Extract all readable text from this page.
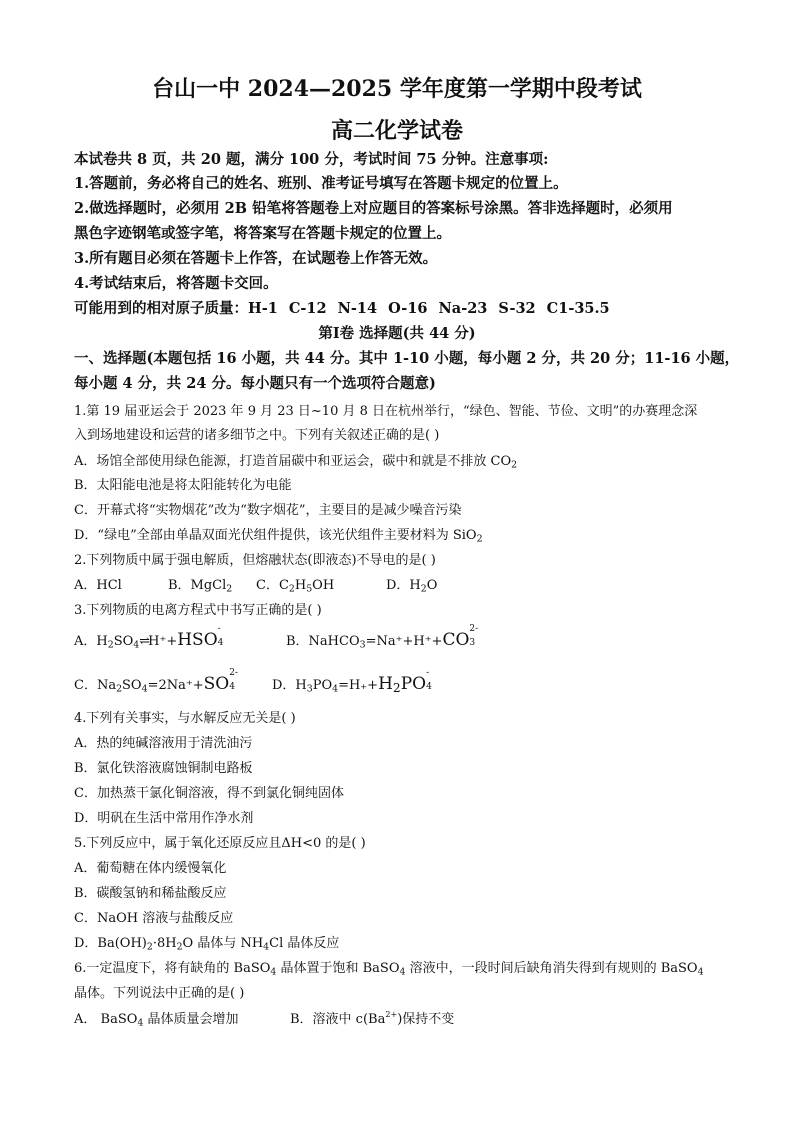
台山一中 2024—2025 学年度第一学期中段考试
高二化学试卷
本试卷共 8 页，共 20 题，满分 100 分，考试时间 75 分钟。注意事项:
1.答题前，务必将自己的姓名、班别、准考证号填写在答题卡规定的位置上。
2.做选择题时，必须用 2B 铅笔将答题卷上对应题目的答案标号涂黑。答非选择题时，必须用
黑色字迹钢笔或签字笔，将答案写在答题卡规定的位置上。
3.所有题目必须在答题卡上作答，在试题卷上作答无效。
4.考试结束后，将答题卡交回。
可能用到的相对原子质量：H-1 C-12 N-14 O-16 Na-23 S-32 C1-35.5
第Ⅰ卷 选择题(共 44 分)
一、选择题(本题包括 16 小题，共 44 分。其中 1-10 小题，每小题 2 分，共 20 分；11-16 小题，
每小题 4 分，共 24 分。每小题只有一个选项符合题意)
1.第 19 届亚运会于 2023 年 9 月 23 日~10 月 8 日在杭州举行，“绿色、智能、节俭、文明”的办赛理念深
入到场地建设和运营的诸多细节之中。下列有关叙述正确的是( )
A．场馆全部使用绿色能源，打造首届碳中和亚运会，碳中和就是不排放 $CO_2$
B．太阳能电池是将太阳能转化为电能
C．开幕式将“实物烟花”改为“数字烟花”，主要目的是减少噪音污染
D．“绿电”全部由单晶双面光伏组件提供，该光伏组件主要材料为 SiO$_2$
2.下列物质中属于强电解质，但熔融状态(即液态)不导电的是( )
A．HCl	B．MgCl$_2$ C．$C_2H_5OH$	D．$H_2O$
3.下列物质的电离方程式中书写正确的是( )
A．$H_2SO_4\rightleftharpoons H^++HSO$
-
4	B．NaHCO$_3$=Na⁺+H⁺+CO
2-
3
C．$Na_2SO_4=2Na^++SO$
2-
4	D．$H_3PO_4=H_++H_2PO$
-
4
4.下列有关事实，与水解反应无关是( )
A．热的纯碱溶液用于清洗油污
B．氯化铁溶液腐蚀铜制电路板
C．加热蒸干氯化铜溶液，得不到氯化铜纯固体
D．明矾在生活中常用作净水剂
5.下列反应中，属于氧化还原反应且ΔH<0 的是( )
A．葡萄糖在体内缓慢氧化
B．碳酸氢钠和稀盐酸反应
C．NaOH 溶液与盐酸反应
D．$Ba(OH)_2\cdot 8H_2O$ 晶体与 $NH_4Cl$ 晶体反应
6.一定温度下，将有缺角的 BaSO$_4$ 晶体置于饱和 BaSO$_4$ 溶液中，一段时间后缺角消失得到有规则的 BaSO$_4$
晶体。下列说法中正确的是( )
A． BaSO$_4$ 晶体质量会增加	B．溶液中 $c(Ba^{2+})$保持不变
